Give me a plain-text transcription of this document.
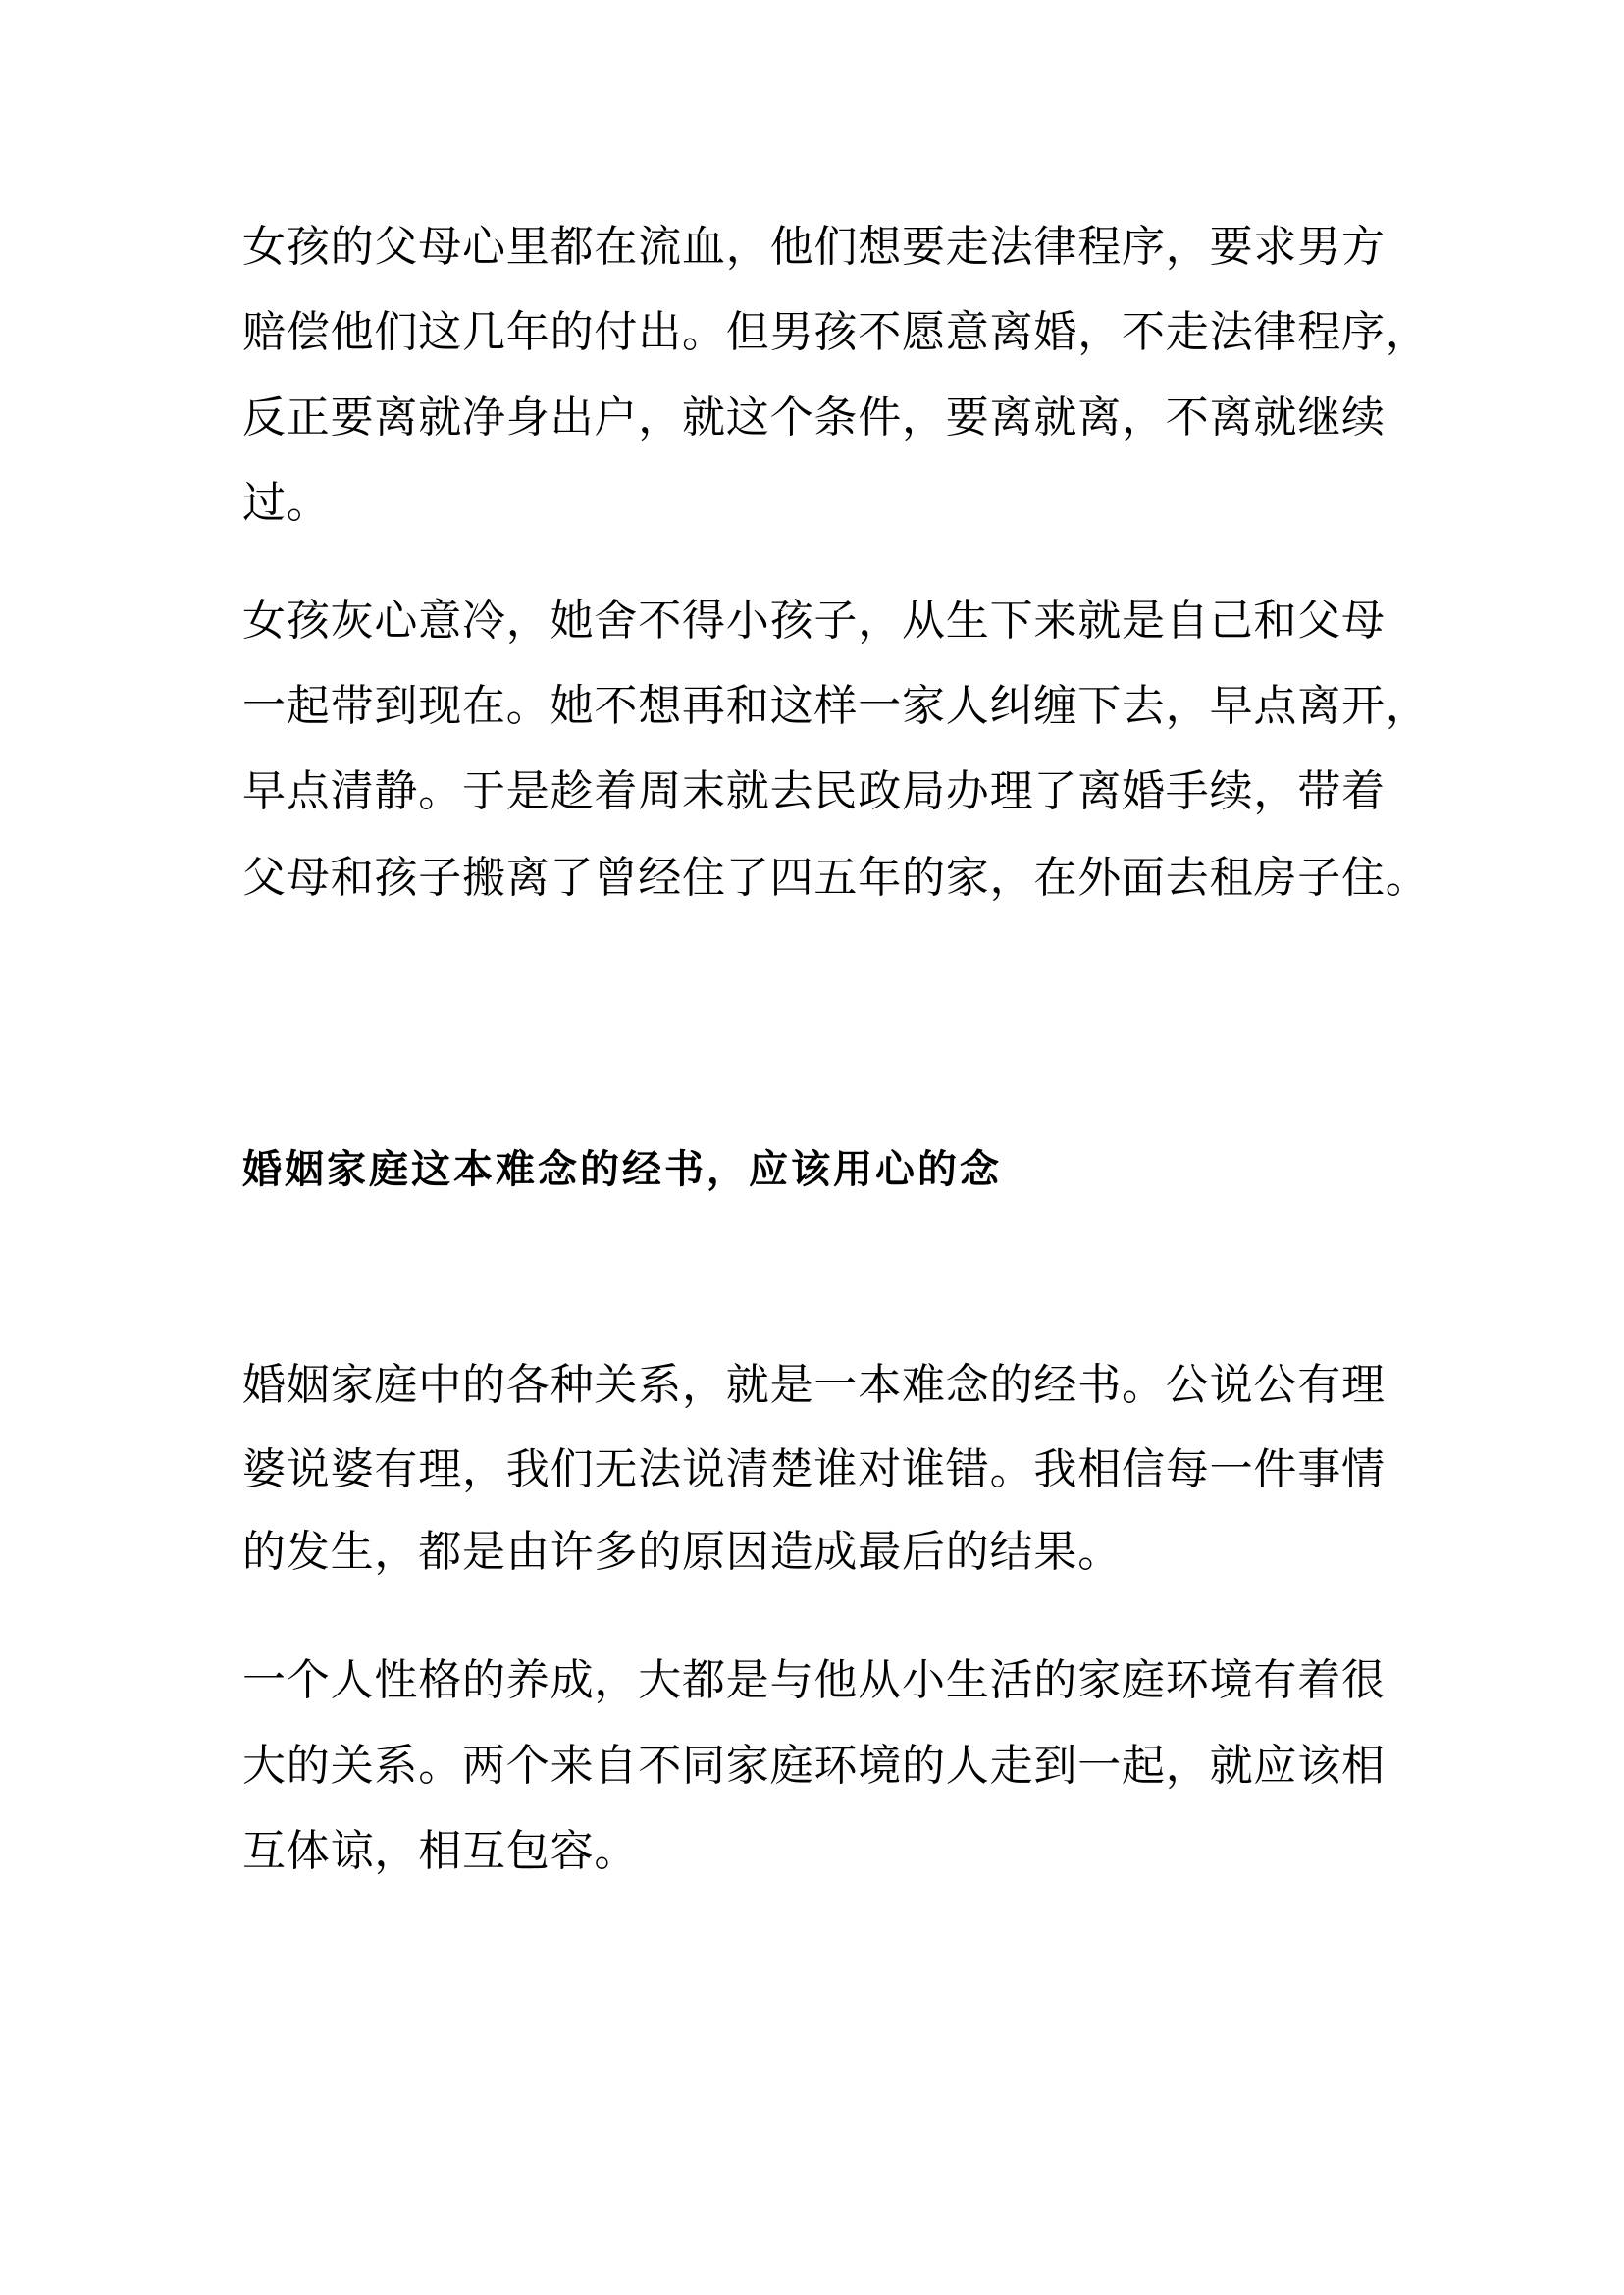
女孩的父母心里都在流血，他们想要走法律程序，要求男方
赔偿他们这几年的付出。但男孩不愿意离婚，不走法律程序，
反正要离就净身出户，就这个条件，要离就离，不离就继续
过。
女孩灰心意冷，她舍不得小孩子，从生下来就是自己和父母
一起带到现在。她不想再和这样一家人纠缠下去，早点离开，
早点清静。于是趁着周末就去民政局办理了离婚手续，带着
父母和孩子搬离了曾经住了四五年的家，在外面去租房子住。
婚姻家庭这本难念的经书，应该用心的念
婚姻家庭中的各种关系，就是一本难念的经书。公说公有理
婆说婆有理，我们无法说清楚谁对谁错。我相信每一件事情
的发生，都是由许多的原因造成最后的结果。
一个人性格的养成，大都是与他从小生活的家庭环境有着很
大的关系。两个来自不同家庭环境的人走到一起，就应该相
互体谅，相互包容。
